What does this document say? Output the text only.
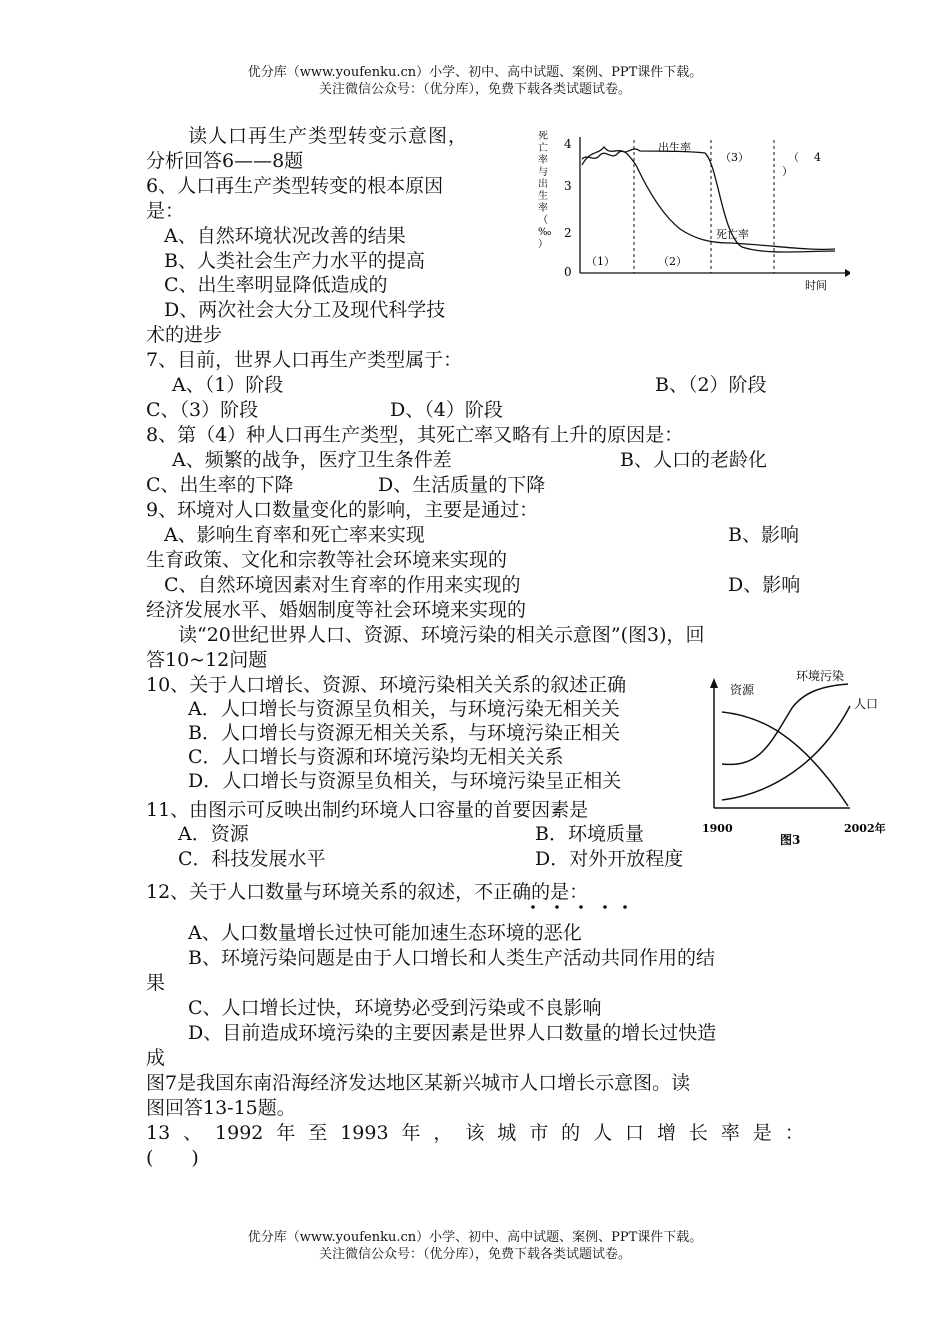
优分库（www.youfenku.cn）小学、初中、高中试题、案例、PPT课件下载。
关注微信公众号：（优分库），免费下载各类试题试卷。
读人口再生产类型转变示意图，
分析回答6——8题
6、人口再生产类型转变的根本原因
是：
A、自然环境状况改善的结果
B、人类社会生产力水平的提高
C、出生率明显降低造成的
D、两次社会大分工及现代科学技
术的进步
死
亡
率
与
出
生
率
（
‰
）
4
3
2
0
出生率
死亡率
（1）	（2）
（3）	（ 4
）
时间
7、目前，世界人口再生产类型属于：
A、（1）阶段	B、（2）阶段
C、（3）阶段	D、（4）阶段
8、第（4）种人口再生产类型，其死亡率又略有上升的原因是：
A、频繁的战争，医疗卫生条件差	B、人口的老龄化
C、出生率的下降	D、生活质量的下降
9、环境对人口数量变化的影响，主要是通过：
A、影响生育率和死亡率来实现	B、影响
生育政策、文化和宗教等社会环境来实现的
C、自然环境因素对生育率的作用来实现的	D、影响
经济发展水平、婚姻制度等社会环境来实现的
读“20世纪世界人口、资源、环境污染的相关示意图”(图3)，回
答10~12问题
10、关于人口增长、资源、环境污染相关关系的叙述正确
A．人口增长与资源呈负相关，与环境污染无相关关
B．人口增长与资源无相关关系，与环境污染正相关
C．人口增长与资源和环境污染均无相关关系
D．人口增长与资源呈负相关，与环境污染呈正相关
资源
环境污染
人口
1900	2002年
图3
11、由图示可反映出制约环境人口容量的首要因素是
A．资源	B．环境质量
C．科技发展水平	D．对外开放程度
12、关于人口数量与环境关系的叙述，不正确的是：
A、人口数量增长过快可能加速生态环境的恶化
B、环境污染问题是由于人口增长和人类生产活动共同作用的结
果
C、人口增长过快，环境势必受到污染或不良影响
D、目前造成环境污染的主要因素是世界人口数量的增长过快造
成
图7是我国东南沿海经济发达地区某新兴城市人口增长示意图。读
图回答13-15题。
13 、 1992 年 至 1993 年 ， 该 城 市 的 人 口 增 长 率 是 ：
(　　)
优分库（www.youfenku.cn）小学、初中、高中试题、案例、PPT课件下载。
关注微信公众号：（优分库），免费下载各类试题试卷。
